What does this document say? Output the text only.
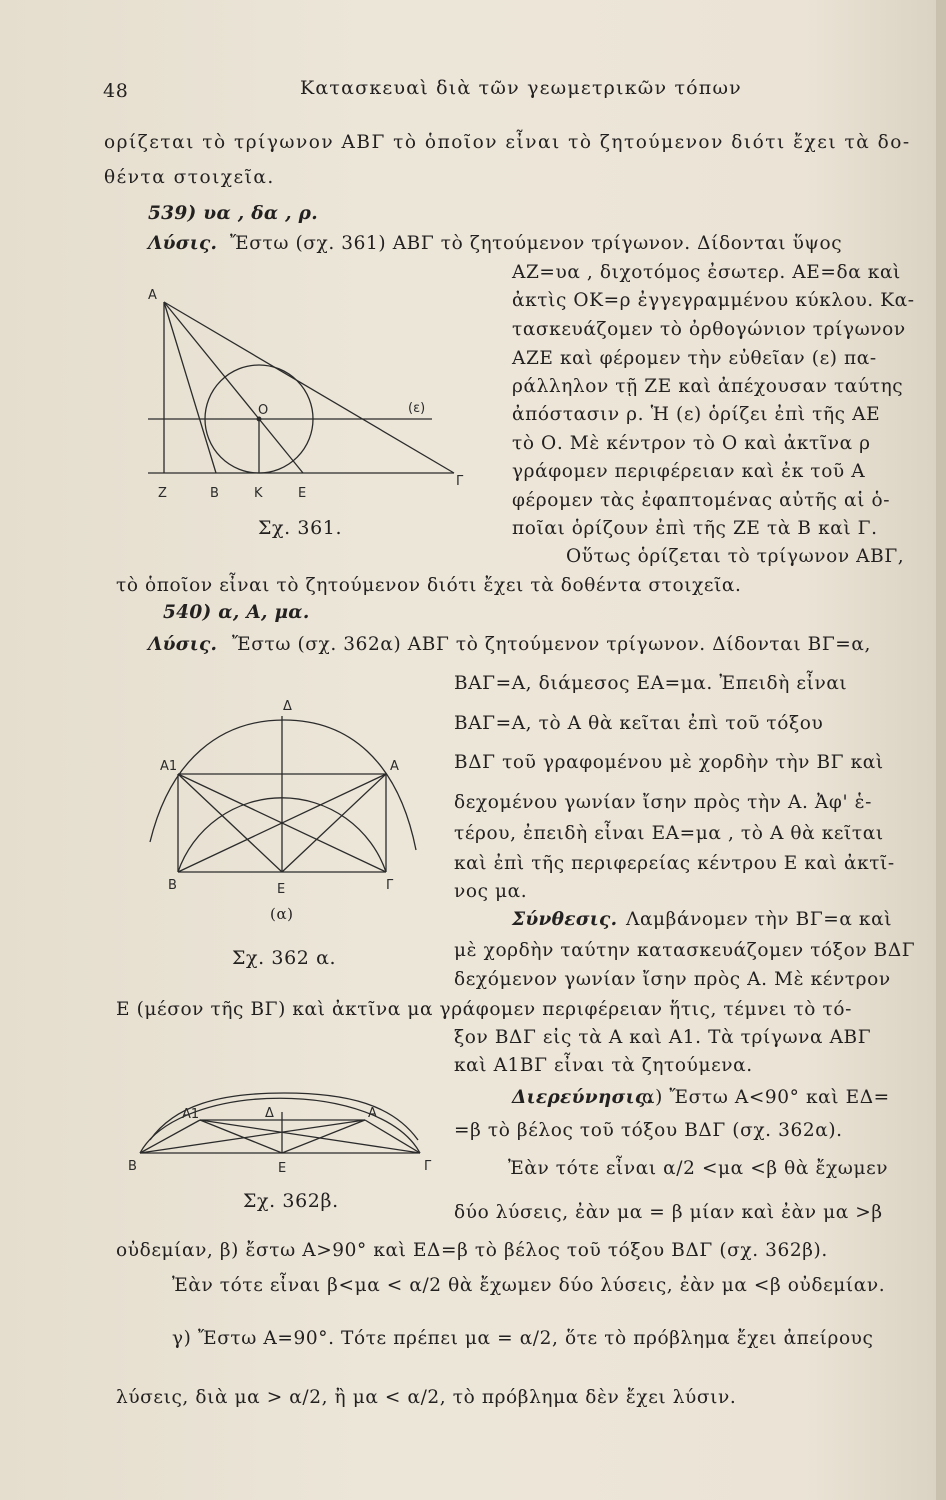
48	Κατασκευαὶ διὰ τῶν γεωμετρικῶν τόπων
ορίζεται τὸ τρίγωνον ΑΒΓ τὸ ὁποῖον εἶναι τὸ ζητούμενον διότι ἔχει τὰ δο-
θέντα στοιχεῖα.
539) υα , δα , ρ.
Λύσις. Ἔστω (σχ. 361) ΑΒΓ τὸ ζητούμενον τρίγωνον. Δίδονται ὕψος
ΑΖ=υα , διχοτόμος ἐσωτερ. ΑΕ=δα καὶ
ἀκτὶς ΟΚ=ρ ἐγγεγραμμένου κύκλου. Κα-
τασκευάζομεν τὸ ὀρθογώνιον τρίγωνον
ΑΖΕ καὶ φέρομεν τὴν εὐθεῖαν (ε) πα-
ράλληλον τῇ ΖΕ καὶ ἀπέχουσαν ταύτης
ἀπόστασιν ρ. Ἡ (ε) ὁρίζει ἐπὶ τῆς ΑΕ
τὸ Ο. Μὲ κέντρον τὸ Ο καὶ ἀκτῖνα ρ
γράφομεν περιφέρειαν καὶ ἐκ τοῦ Α
φέρομεν τὰς ἐφαπτομένας αὐτῆς αἱ ὁ-
ποῖαι ὁρίζουν ἐπὶ τῆς ΖΕ τὰ Β καὶ Γ.
Οὕτως ὁρίζεται τὸ τρίγωνον ΑΒΓ,
τὸ ὁποῖον εἶναι τὸ ζητούμενον διότι ἔχει τὰ δοθέντα στοιχεῖα.
Α
Ο	(ε)
Γ
Ζ	Β	Κ	Ε
Σχ. 361.
540) α, Α, μα.
Λύσις. Ἔστω (σχ. 362α) ΑΒΓ τὸ ζητούμενον τρίγωνον. Δίδονται ΒΓ=α,
ΒΑΓ=Α, διάμεσος ΕΑ=μα. Ἐπειδὴ εἶναι
ΒΑΓ=Α, τὸ Α θὰ κεῖται ἐπὶ τοῦ τόξου
ΒΔΓ τοῦ γραφομένου μὲ χορδὴν τὴν ΒΓ καὶ
δεχομένου γωνίαν ἴσην πρὸς τὴν Α. Ἀφ' ἑ-
τέρου, ἐπειδὴ εἶναι ΕΑ=μα , τὸ Α θὰ κεῖται
καὶ ἐπὶ τῆς περιφερείας κέντρου Ε καὶ ἀκτῖ-
νος μα.
Σύνθεσις. Λαμβάνομεν τὴν ΒΓ=α καὶ
μὲ χορδὴν ταύτην κατασκευάζομεν τόξον ΒΔΓ
δεχόμενον γωνίαν ἴσην πρὸς Α. Μὲ κέντρον
Ε (μέσον τῆς ΒΓ) καὶ ἀκτῖνα μα γράφομεν περιφέρειαν ἥτις, τέμνει τὸ τό-
ξον ΒΔΓ εἰς τὰ Α καὶ Α1. Τὰ τρίγωνα ΑΒΓ
καὶ Α1ΒΓ εἶναι τὰ ζητούμενα.
Διερεύνησις.
α) Ἔστω Α<90° καὶ ΕΔ=
=β τὸ βέλος τοῦ τόξου ΒΔΓ (σχ. 362α).
Ἐὰν τότε εἶναι α/2 <μα <β θὰ ἔχωμεν
δύο λύσεις, ἐὰν μα = β μίαν καὶ ἐὰν μα >β
οὐδεμίαν, β) ἔστω Α>90° καὶ ΕΔ=β τὸ βέλος τοῦ τόξου ΒΔΓ (σχ. 362β).
Ἐὰν τότε εἶναι β<μα < α/2 θὰ ἔχωμεν δύο λύσεις, ἐὰν μα <β οὐδεμίαν.
γ) Ἔστω Α=90°. Τότε πρέπει μα = α/2, ὅτε τὸ πρόβλημα ἔχει ἀπείρους
λύσεις, διὰ μα > α/2, ἢ μα < α/2, τὸ πρόβλημα δὲν ἔχει λύσιν.
Δ
Α1	Α
Β	Ε	Γ
(α)
Σχ. 362 α.
Α1	Δ	Α
Β	Ε	Γ
Σχ. 362β.
